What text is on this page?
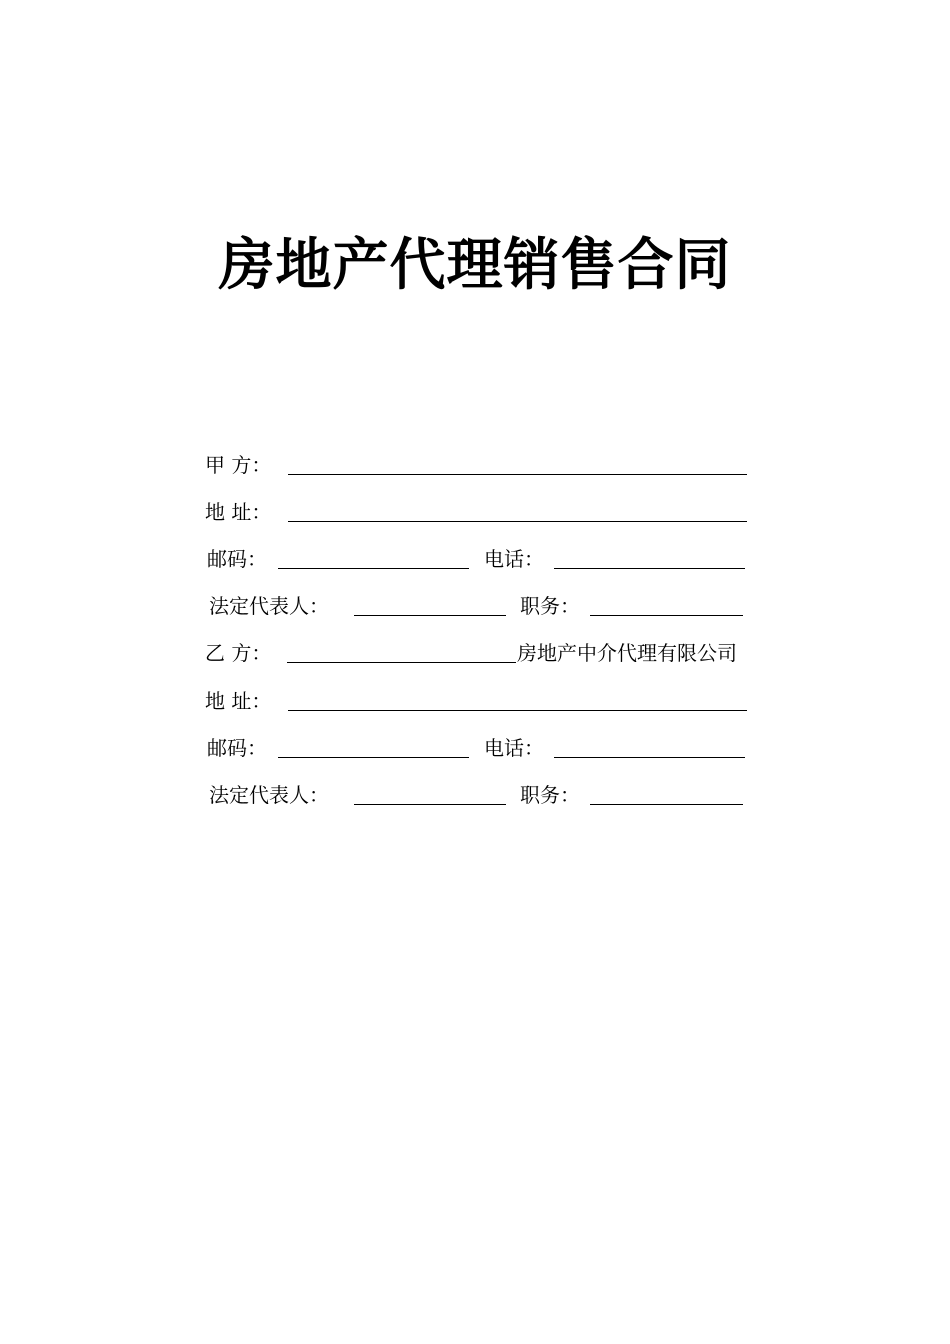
房地产代理销售合同
甲 方：
地 址：
邮码：	电话：
法定代表人：	职务：
乙 方：	房地产中介代理有限公司
地 址：
邮码：	电话：
法定代表人：	职务：
